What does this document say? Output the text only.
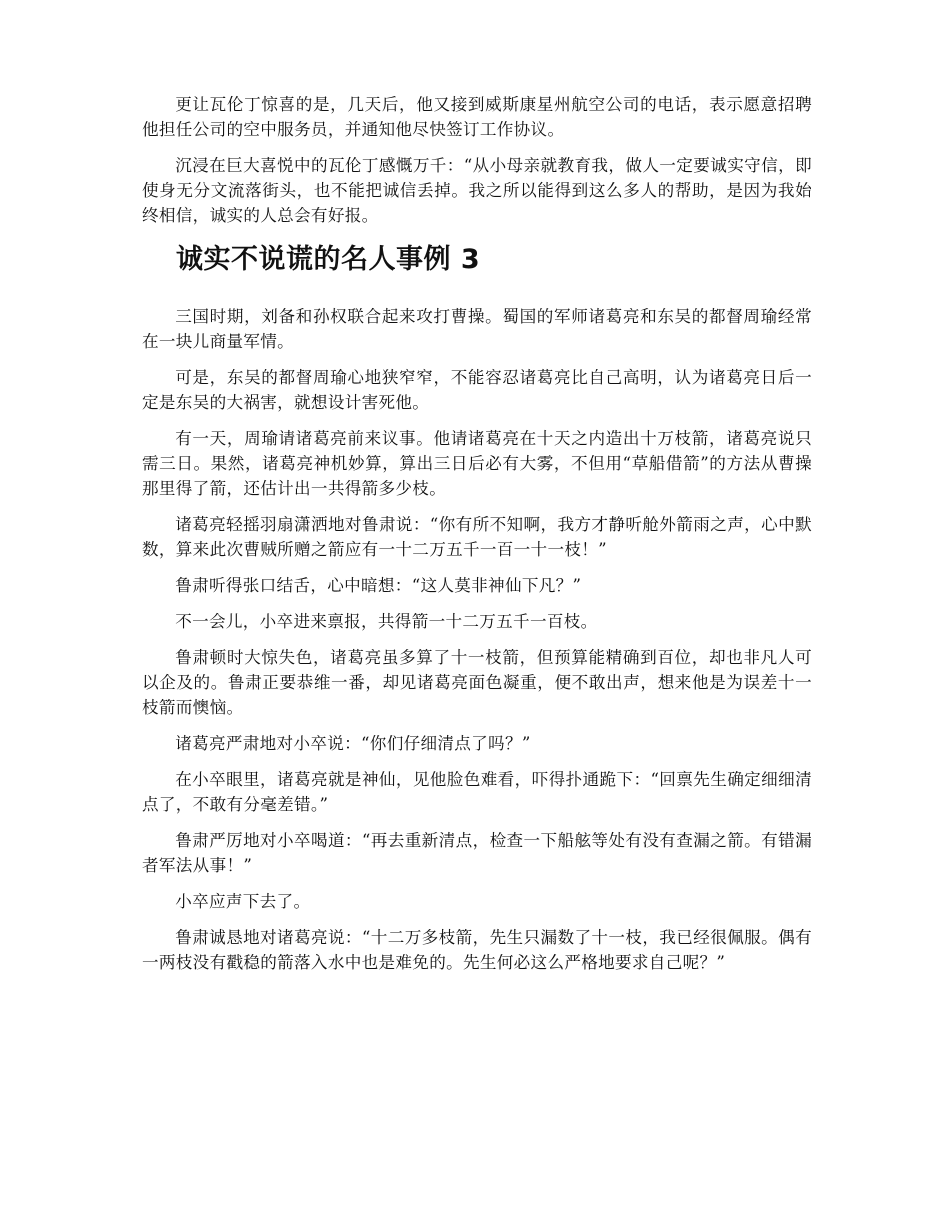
更让瓦伦丁惊喜的是，几天后，他又接到威斯康星州航空公司的电话，表示愿意招聘他担任公司的空中服务员，并通知他尽快签订工作协议。

沉浸在巨大喜悦中的瓦伦丁感慨万千：“从小母亲就教育我，做人一定要诚实守信，即使身无分文流落街头，也不能把诚信丢掉。我之所以能得到这么多人的帮助，是因为我始终相信，诚实的人总会有好报。

诚实不说谎的名人事例 3

三国时期，刘备和孙权联合起来攻打曹操。蜀国的军师诸葛亮和东吴的都督周瑜经常在一块儿商量军情。

可是，东吴的都督周瑜心地狭窄窄，不能容忍诸葛亮比自己高明，认为诸葛亮日后一定是东吴的大祸害，就想设计害死他。

有一天，周瑜请诸葛亮前来议事。他请诸葛亮在十天之内造出十万枝箭，诸葛亮说只需三日。果然，诸葛亮神机妙算，算出三日后必有大雾，不但用“草船借箭”的方法从曹操那里得了箭，还估计出一共得箭多少枝。

诸葛亮轻摇羽扇潇洒地对鲁肃说：“你有所不知啊，我方才静听舱外箭雨之声，心中默数，算来此次曹贼所赠之箭应有一十二万五千一百一十一枝！”

鲁肃听得张口结舌，心中暗想：“这人莫非神仙下凡？”

不一会儿，小卒进来禀报，共得箭一十二万五千一百枝。

鲁肃顿时大惊失色，诸葛亮虽多算了十一枝箭，但预算能精确到百位，却也非凡人可以企及的。鲁肃正要恭维一番，却见诸葛亮面色凝重，便不敢出声，想来他是为误差十一枝箭而懊恼。

诸葛亮严肃地对小卒说：“你们仔细清点了吗？”

在小卒眼里，诸葛亮就是神仙，见他脸色难看，吓得扑通跪下：“回禀先生确定细细清点了，不敢有分毫差错。”

鲁肃严厉地对小卒喝道：“再去重新清点，检查一下船舷等处有没有查漏之箭。有错漏者军法从事！”

小卒应声下去了。

鲁肃诚恳地对诸葛亮说：“十二万多枝箭，先生只漏数了十一枝，我已经很佩服。偶有一两枝没有戳稳的箭落入水中也是难免的。先生何必这么严格地要求自己呢？”
